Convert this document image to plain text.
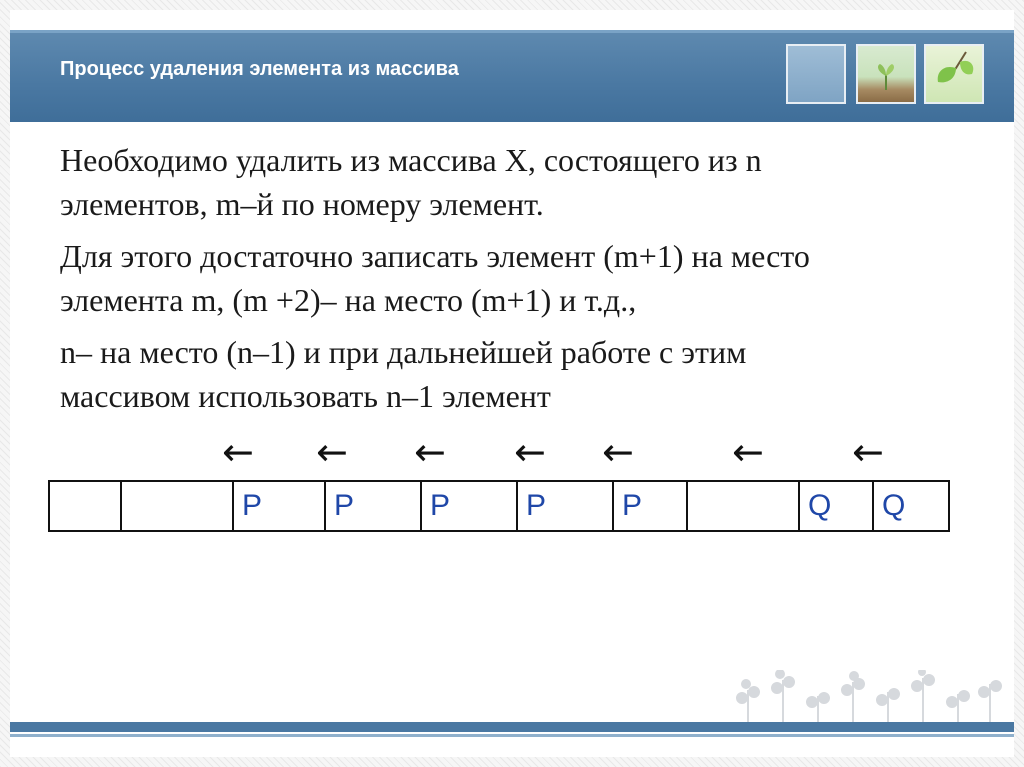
Процесс удаления элемента из массива

Необходимо удалить из массива X, состоящего из n
элементов, m–й по номеру элемент.

Для этого достаточно записать элемент (m+1) на место
элемента m, (m +2)– на место (m+1) и т.д.,

n– на место (n–1) и при дальнейшей работе с этим
массивом использовать n–1 элемент

← ← ← ← ←	← ←
		P	P	P	P	P		Q	Q
